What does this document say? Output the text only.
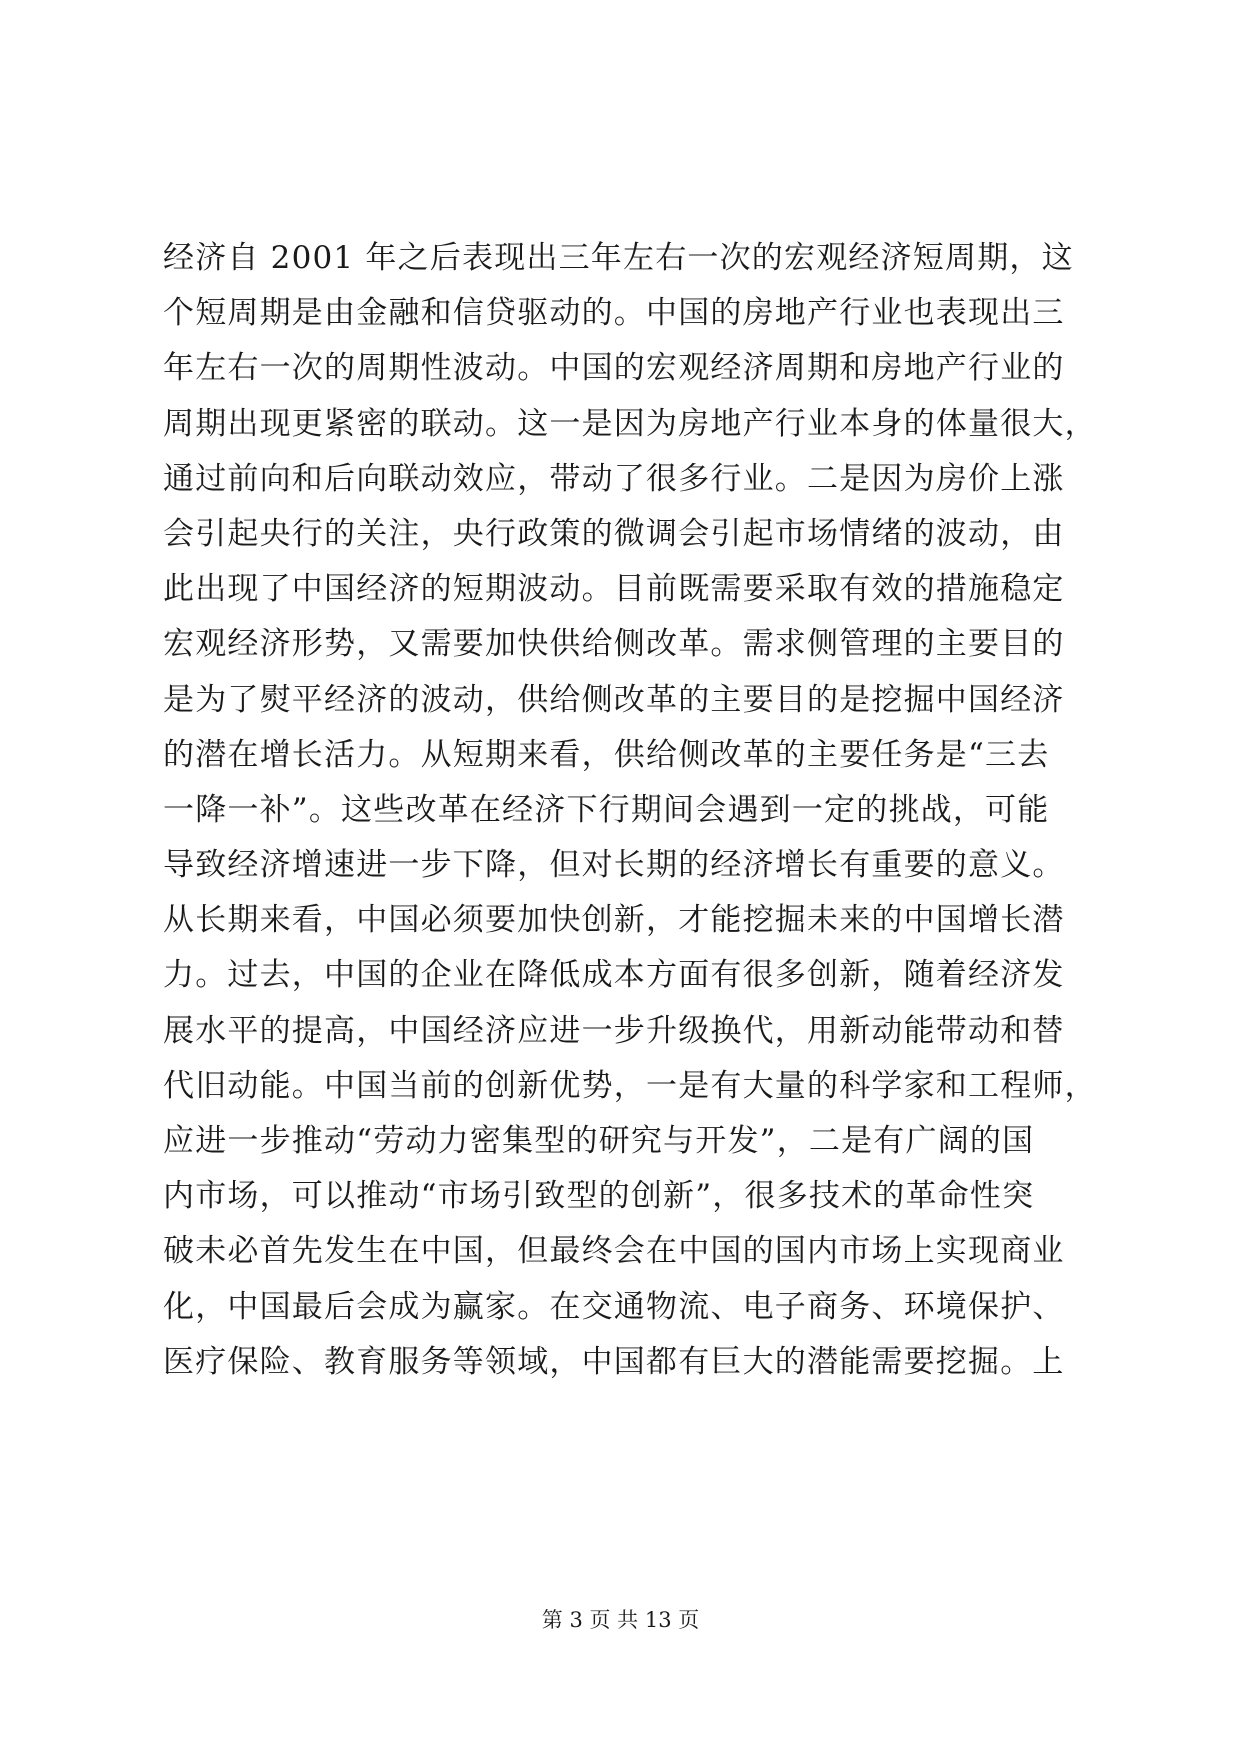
经济自 2001 年之后表现出三年左右一次的宏观经济短周期，这
个短周期是由金融和信贷驱动的。中国的房地产行业也表现出三
年左右一次的周期性波动。中国的宏观经济周期和房地产行业的
周期出现更紧密的联动。这一是因为房地产行业本身的体量很大，
通过前向和后向联动效应，带动了很多行业。二是因为房价上涨
会引起央行的关注，央行政策的微调会引起市场情绪的波动，由
此出现了中国经济的短期波动。目前既需要采取有效的措施稳定
宏观经济形势，又需要加快供给侧改革。需求侧管理的主要目的
是为了熨平经济的波动，供给侧改革的主要目的是挖掘中国经济
的潜在增长活力。从短期来看，供给侧改革的主要任务是“三去
一降一补”。这些改革在经济下行期间会遇到一定的挑战，可能
导致经济增速进一步下降，但对长期的经济增长有重要的意义。
从长期来看，中国必须要加快创新，才能挖掘未来的中国增长潜
力。过去，中国的企业在降低成本方面有很多创新，随着经济发
展水平的提高，中国经济应进一步升级换代，用新动能带动和替
代旧动能。中国当前的创新优势，一是有大量的科学家和工程师，
应进一步推动“劳动力密集型的研究与开发”，二是有广阔的国
内市场，可以推动“市场引致型的创新”，很多技术的革命性突
破未必首先发生在中国，但最终会在中国的国内市场上实现商业
化，中国最后会成为赢家。在交通物流、电子商务、环境保护、
医疗保险、教育服务等领域，中国都有巨大的潜能需要挖掘。上
第 3 页 共 13 页
